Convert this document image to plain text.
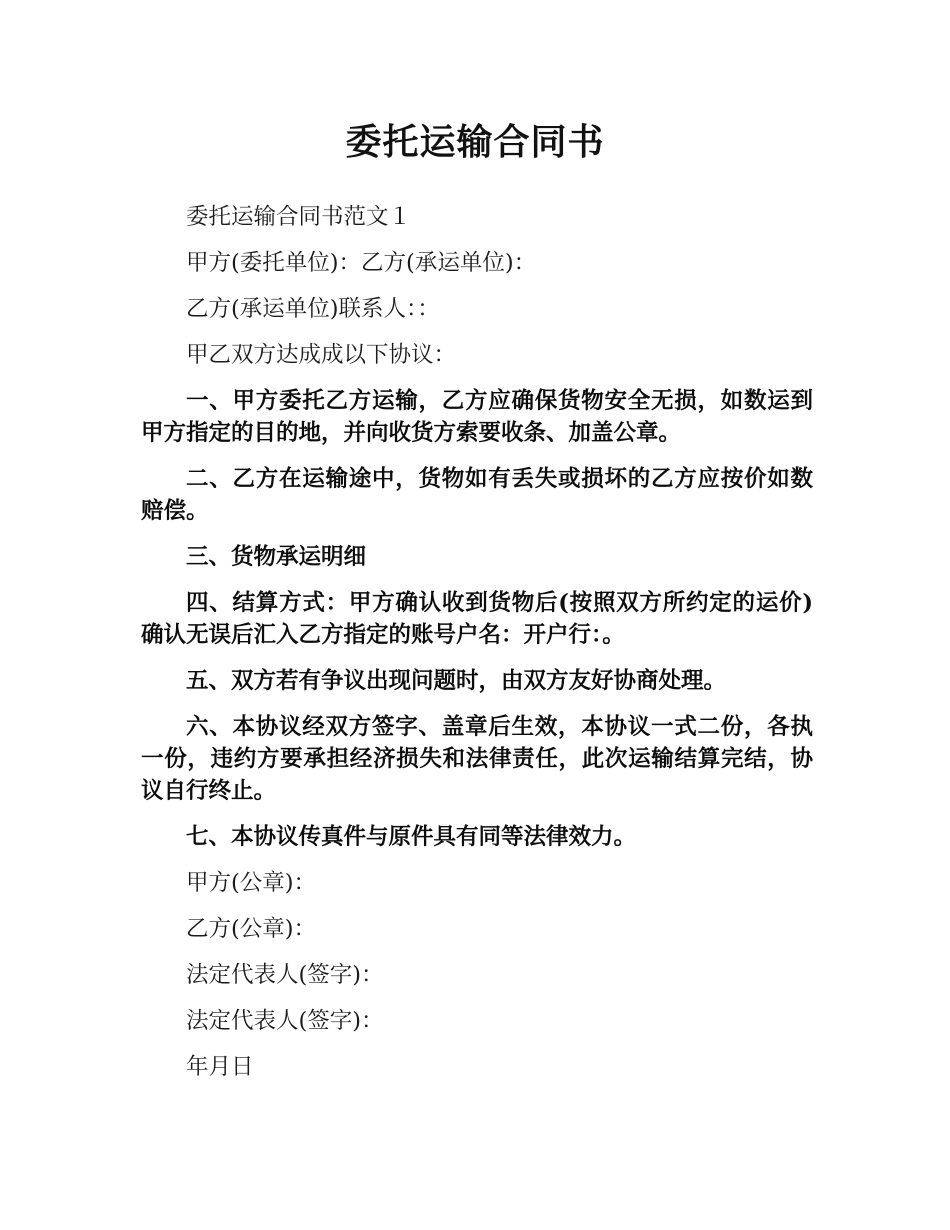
委托运输合同书

委托运输合同书范文１

甲方(委托单位)：乙方(承运单位)：

乙方(承运单位)联系人：：

甲乙双方达成成以下协议：

一、甲方委托乙方运输，乙方应确保货物安全无损，如数运到甲方指定的目的地，并向收货方索要收条、加盖公章。

二、乙方在运输途中，货物如有丢失或损坏的乙方应按价如数赔偿。

三、货物承运明细

四、结算方式：甲方确认收到货物后(按照双方所约定的运价)确认无误后汇入乙方指定的账号户名：开户行：。

五、双方若有争议出现问题时，由双方友好协商处理。

六、本协议经双方签字、盖章后生效，本协议一式二份，各执一份，违约方要承担经济损失和法律责任，此次运输结算完结，协议自行终止。

七、本协议传真件与原件具有同等法律效力。

甲方(公章)：

乙方(公章)：

法定代表人(签字)：

法定代表人(签字)：

年月日
